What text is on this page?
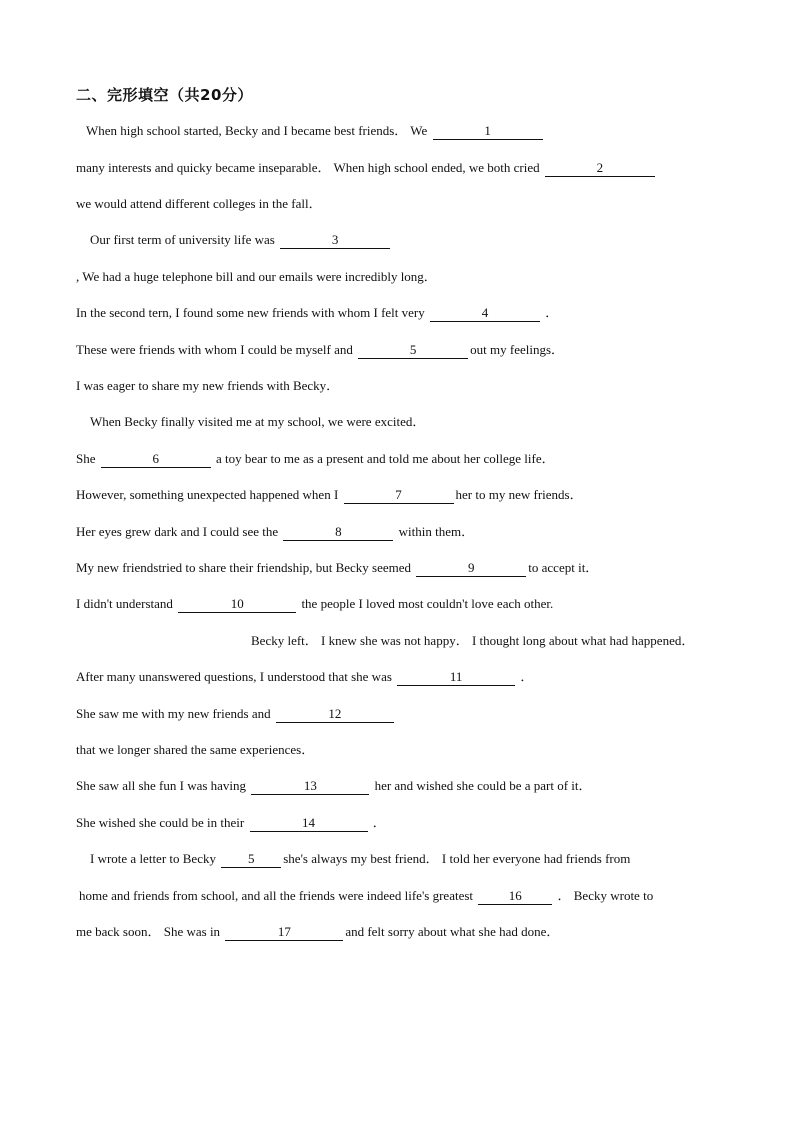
二、完形填空（共20分）
When high school started, Becky and I became best friends． We	1
many interests and quicky became inseparable． When high school ended, we both cried	2
we would attend different colleges in the fall．
Our first term of university life was	3
, We had a huge telephone bill and our emails were incredibly long．
In the second tern, I found some new friends with whom I felt very	4	．
These were friends with whom I could be myself and	5	out my feelings．
I was eager to share my new friends with Becky．
When Becky finally visited me at my school, we were excited．
She	6	a toy bear to me as a present and told me about her college life．
However, something unexpected happened when I	7	her to my new friends．
Her eyes grew dark and I could see the	8	within them．
My new friendstried to share their friendship, but Becky seemed	9	to accept it．
I didn't understand	10	the people I loved most couldn't love each other.
Becky left． I knew she was not happy． I thought long about what had happened．
After many unanswered questions, I understood that she was	11	．
She saw me with my new friends and	12
that we longer shared the same experiences．
She saw all she fun I was having	13	her and wished she could be a part of it．
She wished she could be in their	14	．
I wrote a letter to Becky 5 she's always my best friend． I told her everyone had friends from
home and friends from school, and all the friends were indeed life's greatest	16	． Becky wrote to
me back soon． She was in	17	and felt sorry about what she had done．
